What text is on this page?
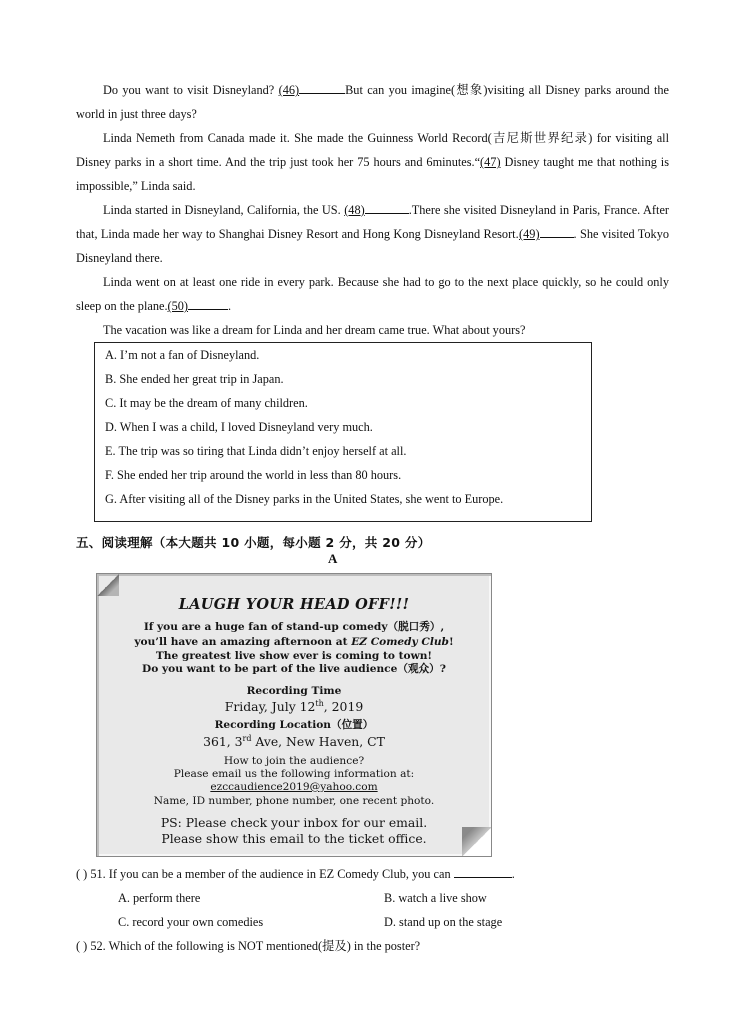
Do you want to visit Disneyland? (46)	But can you imagine(想象)visiting all Disney parks around the world in just three days?

Linda Nemeth from Canada made it. She made the Guinness World Record(吉尼斯世界纪录) for visiting all Disney parks in a short time. And the trip just took her 75 hours and 6minutes.“(47) Disney taught me that nothing is impossible,” Linda said.

Linda started in Disneyland, California, the US. (48)	.There she visited Disneyland in Paris, France. After that, Linda made her way to Shanghai Disney Resort and Hong Kong Disneyland Resort. (49)	. She visited Tokyo Disneyland there.

Linda went on at least one ride in every park. Because she had to go to the next place quickly, so he could only sleep on the plane.(50)	.

The vacation was like a dream for Linda and her dream came true. What about yours?

A. I’m not a fan of Disneyland.
B. She ended her great trip in Japan.
C. It may be the dream of many children.
D. When I was a child, I loved Disneyland very much.
E. The trip was so tiring that Linda didn’t enjoy herself at all.
F. She ended her trip around the world in less than 80 hours.
G. After visiting all of the Disney parks in the United States, she went to Europe.
五、阅读理解（本大题共 10 小题，每小题 2 分，共 20 分）
A
LAUGH YOUR HEAD OFF!!!
If you are a huge fan of stand-up comedy（脱口秀）,
you’ll have an amazing afternoon at EZ Comedy Club!
The greatest live show ever is coming to town!
Do you want to be part of the live audience（观众）?
Recording Time
Friday, July 12th, 2019
Recording Location（位置）
361, 3rd Ave, New Haven, CT
How to join the audience?
Please email us the following information at:
ezccaudience2019@yahoo.com
Name, ID number, phone number, one recent photo.
PS: Please check your inbox for our email.
Please show this email to the ticket office.
( ) 51. If you can be a member of the audience in EZ Comedy Club, you can	.
A. perform there	B. watch a live show
C. record your own comedies	D. stand up on the stage
( ) 52. Which of the following is NOT mentioned(提及) in the poster?
